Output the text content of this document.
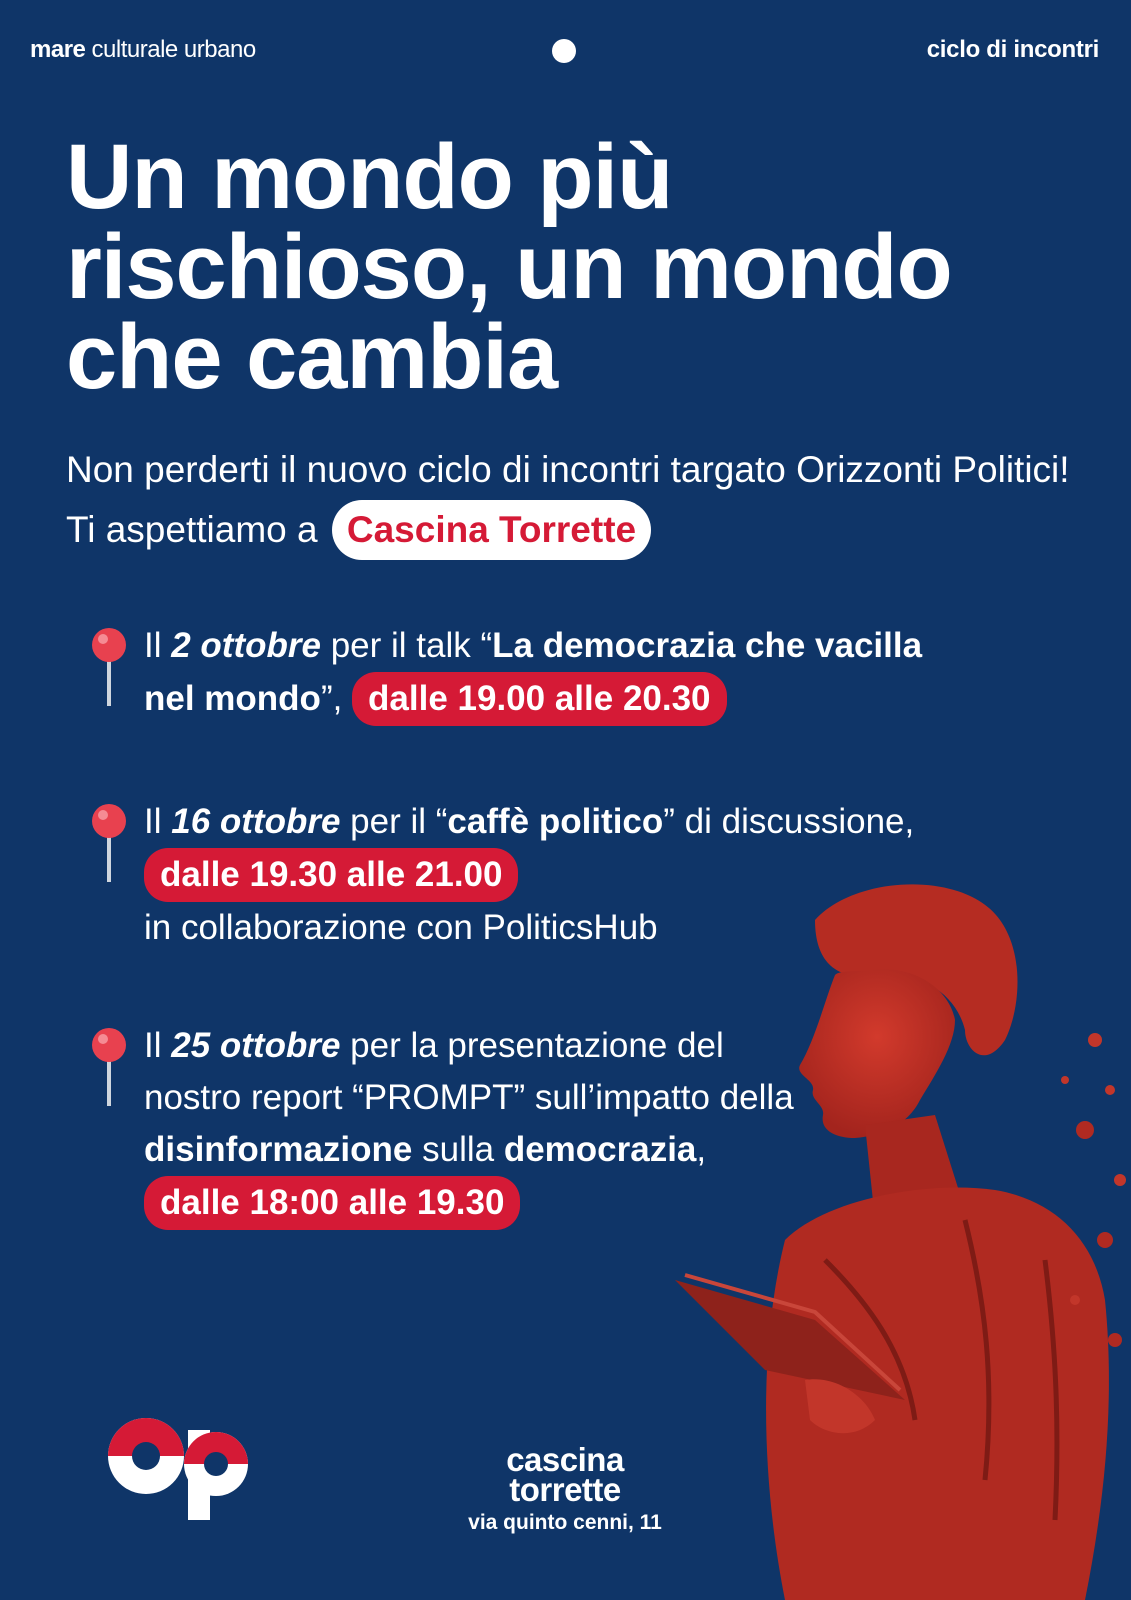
mare culturale urbano	ciclo di incontri
Un mondo più
rischioso, un mondo
che cambia
Non perderti il nuovo ciclo di incontri targato Orizzonti Politici! Ti aspettiamo a Cascina Torrette
Il 2 ottobre per il talk “La democrazia che vacilla nel mondo”, dalle 19.00 alle 20.30
Il 16 ottobre per il “caffè politico” di discussione, dalle 19.30 alle 21.00
in collaborazione con PoliticsHub
Il 25 ottobre per la presentazione del nostro report “PROMPT” sull’impatto della disinformazione sulla democrazia, dalle 18:00 alle 19.30
cascina
torrette
via quinto cenni, 11
